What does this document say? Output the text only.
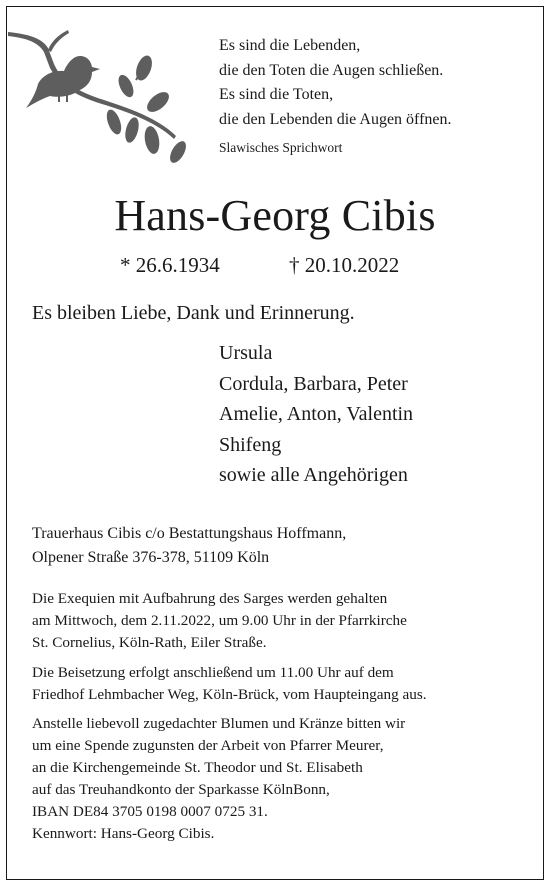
Es sind die Lebenden,
die den Toten die Augen schließen.
Es sind die Toten,
die den Lebenden die Augen öffnen.
Slawisches Sprichwort
Hans-Georg Cibis
* 26.6.1934	† 20.10.2022
Es bleiben Liebe, Dank und Erinnerung.
Ursula
Cordula, Barbara, Peter
Amelie, Anton, Valentin
Shifeng
sowie alle Angehörigen
Trauerhaus Cibis c/o Bestattungshaus Hoffmann,
Olpener Straße 376-378, 51109 Köln
Die Exequien mit Aufbahrung des Sarges werden gehalten
am Mittwoch, dem 2.11.2022, um 9.00 Uhr in der Pfarrkirche
St. Cornelius, Köln-Rath, Eiler Straße.
Die Beisetzung erfolgt anschließend um 11.00 Uhr auf dem
Friedhof Lehmbacher Weg, Köln-Brück, vom Haupteingang aus.
Anstelle liebevoll zugedachter Blumen und Kränze bitten wir
um eine Spende zugunsten der Arbeit von Pfarrer Meurer,
an die Kirchengemeinde St. Theodor und St. Elisabeth
auf das Treuhandkonto der Sparkasse KölnBonn,
IBAN DE84 3705 0198 0007 0725 31.
Kennwort: Hans-Georg Cibis.
